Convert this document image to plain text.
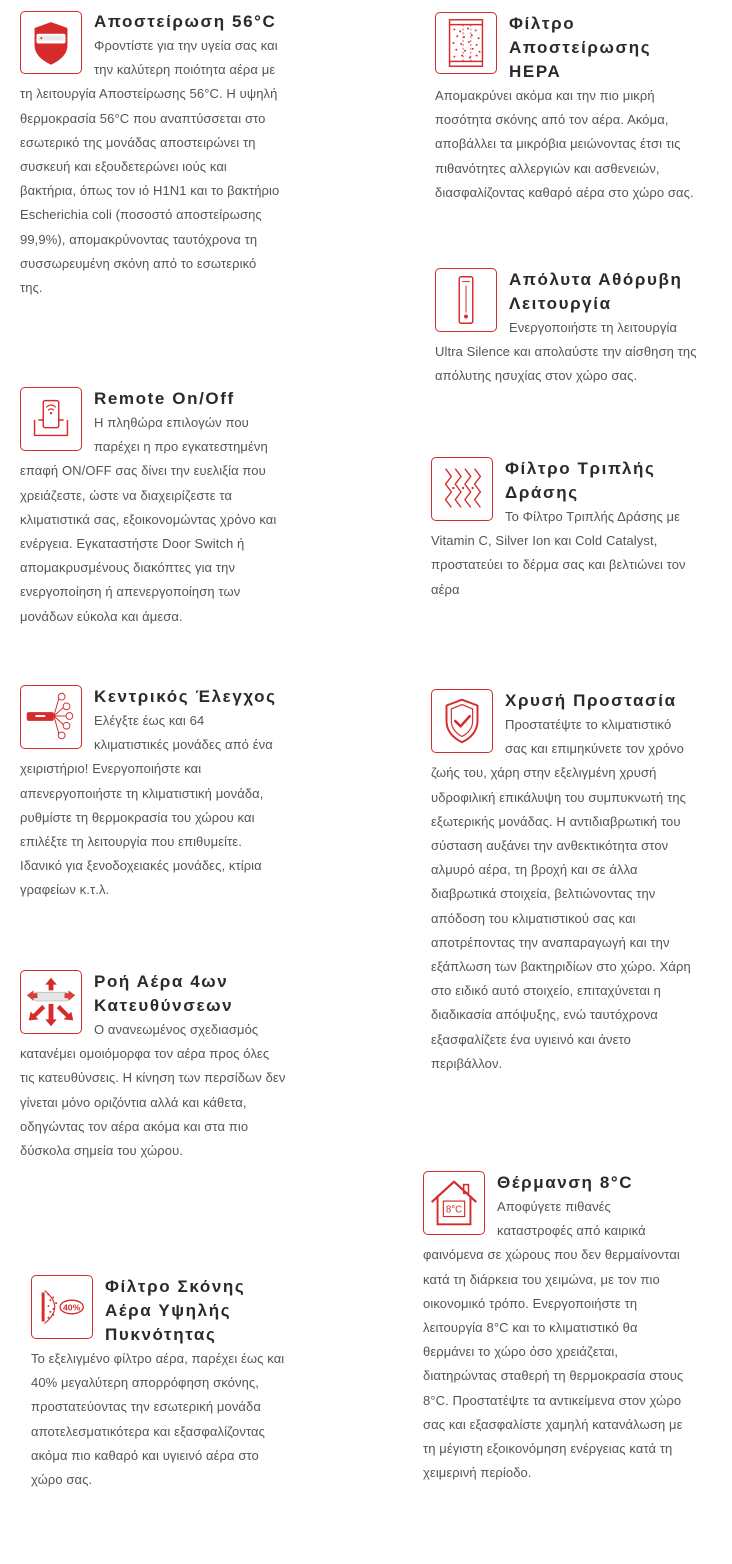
Αποστείρωση 56°C

Φροντίστε για την υγεία σας και την καλύτερη ποιότητα αέρα με τη λειτουργία Αποστείρωσης 56°C. Η υψηλή θερμοκρασία 56°C που αναπτύσσεται στο εσωτερικό της μονάδας αποστειρώνει τη συσκευή και εξουδετερώνει ιούς και βακτήρια, όπως τον ιό H1N1 και το βακτήριο Escherichia coli (ποσοστό αποστείρωσης 99,9%), απομακρύνοντας ταυτόχρονα τη συσσωρευμένη σκόνη από το εσωτερικό της.

Φίλτρο Αποστείρωσης HEPA

Απομακρύνει ακόμα και την πιο μικρή ποσότητα σκόνης από τον αέρα. Ακόμα, αποβάλλει τα μικρόβια μειώνοντας έτσι τις πιθανότητες αλλεργιών και ασθενειών, διασφαλίζοντας καθαρό αέρα στο χώρο σας.

Απόλυτα Αθόρυβη Λειτουργία

Ενεργοποιήστε τη λειτουργία Ultra Silence και απολαύστε την αίσθηση της απόλυτης ησυχίας στον χώρο σας.

Remote On/Off

Η πληθώρα επιλογών που παρέχει η προ εγκατεστημένη επαφή ON/OFF σας δίνει την ευελιξία που χρειάζεστε, ώστε να διαχειρίζεστε τα κλιματιστικά σας, εξοικονομώντας χρόνο και ενέργεια. Εγκαταστήστε Door Switch ή απομακρυσμένους διακόπτες για την ενεργοποίηση ή απενεργοποίηση των μονάδων εύκολα και άμεσα.

Φίλτρο Τριπλής Δράσης

Το Φίλτρο Τριπλής Δράσης με Vitamin C, Silver Ion και Cold Catalyst, προστατεύει το δέρμα σας και βελτιώνει τον αέρα

Κεντρικός Έλεγχος

Ελέγξτε έως και 64 κλιματιστικές μονάδες από ένα χειριστήριο! Ενεργοποιήστε και απενεργοποιήστε τη κλιματιστική μονάδα, ρυθμίστε τη θερμοκρασία του χώρου και επιλέξτε τη λειτουργία που επιθυμείτε. Ιδανικό για ξενοδοχειακές μονάδες, κτίρια γραφείων κ.τ.λ.

Χρυσή Προστασία

Προστατέψτε το κλιματιστικό σας και επιμηκύνετε τον χρόνο ζωής του, χάρη στην εξελιγμένη χρυσή υδροφιλική επικάλυψη του συμπυκνωτή της εξωτερικής μονάδας. Η αντιδιαβρωτική του σύσταση αυξάνει την ανθεκτικότητα στον αλμυρό αέρα, τη βροχή και σε άλλα διαβρωτικά στοιχεία, βελτιώνοντας την απόδοση του κλιματιστικού σας και αποτρέποντας την αναπαραγωγή και την εξάπλωση των βακτηριδίων στο χώρο. Χάρη στο ειδικό αυτό στοιχείο, επιταχύνεται η διαδικασία απόψυξης, ενώ ταυτόχρονα εξασφαλίζετε ένα υγιεινό και άνετο περιβάλλον.

Ροή Αέρα 4ων Κατευθύνσεων

Ο ανανεωμένος σχεδιασμός κατανέμει ομοιόμορφα τον αέρα προς όλες τις κατευθύνσεις. Η κίνηση των περσίδων δεν γίνεται μόνο οριζόντια αλλά και κάθετα, οδηγώντας τον αέρα ακόμα και στα πιο δύσκολα σημεία του χώρου.

8°C
Θέρμανση 8°C

Αποφύγετε πιθανές καταστροφές από καιρικά φαινόμενα σε χώρους που δεν θερμαίνονται κατά τη διάρκεια του χειμώνα, με τον πιο οικονομικό τρόπο. Ενεργοποιήστε τη λειτουργία 8°C και το κλιματιστικό θα θερμάνει το χώρο όσο χρειάζεται, διατηρώντας σταθερή τη θερμοκρασία στους 8°C. Προστατέψτε τα αντικείμενα στον χώρο σας και εξασφαλίστε χαμηλή κατανάλωση με τη μέγιστη εξοικονόμηση ενέργειας κατά τη χειμερινή περίοδο.

40%
Φίλτρο Σκόνης Αέρα Υψηλής Πυκνότητας

Το εξελιγμένο φίλτρο αέρα, παρέχει έως και 40% μεγαλύτερη απορρόφηση σκόνης, προστατεύοντας την εσωτερική μονάδα αποτελεσματικότερα και εξασφαλίζοντας ακόμα πιο καθαρό και υγιεινό αέρα στο χώρο σας.
